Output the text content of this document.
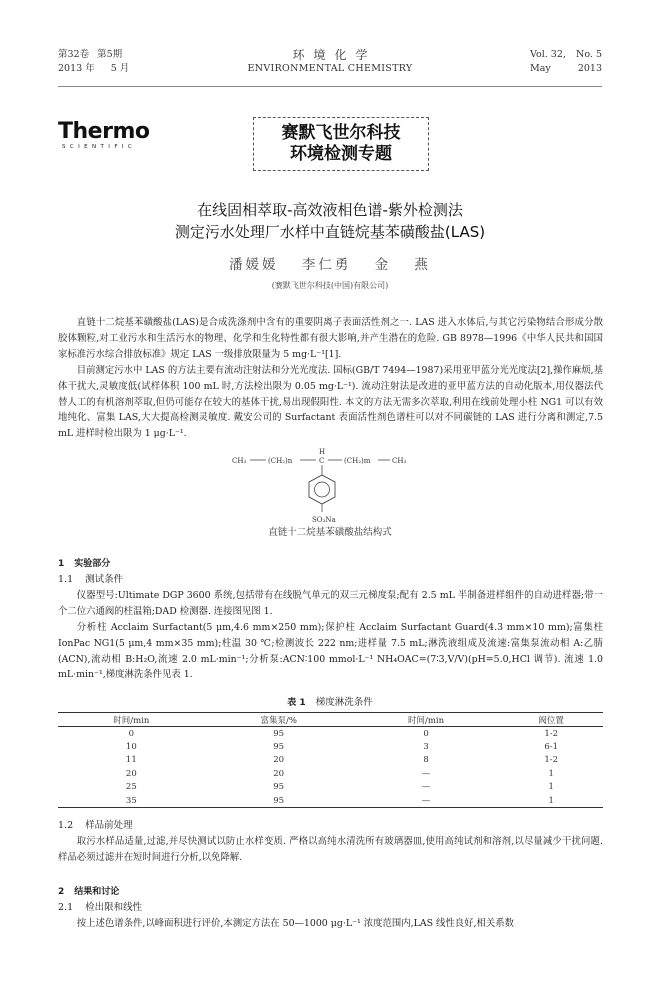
第32卷 第5期
2013 年 5 月
环境化学
ENVIRONMENTAL CHEMISTRY
Vol. 32, No. 5
May	2013
Thermo
SCIENTIFIC
赛默飞世尔科技
环境检测专题
在线固相萃取-高效液相色谱-紫外检测法
测定污水处理厂水样中直链烷基苯磺酸盐(LAS)
潘媛媛 李仁勇 金 燕
(赛默飞世尔科技(中国)有限公司)
直链十二烷基苯磺酸盐(LAS)是合成洗涤剂中含有的重要阴离子表面活性剂之一. LAS 进入水体后,与其它污染物结合形成分散胶体颗粒,对工业污水和生活污水的物理、化学和生化特性都有很大影响,并产生潜在的危险. GB 8978—1996《中华人民共和国国家标准污水综合排放标准》规定 LAS 一级排放限量为 5 mg·L⁻¹[1].
目前测定污水中 LAS 的方法主要有流动注射法和分光光度法. 国标(GB/T 7494—1987)采用亚甲蓝分光光度法[2],操作麻烦,基体干扰大,灵敏度低(试样体积 100 mL 时,方法检出限为 0.05 mg·L⁻¹). 流动注射法是改进的亚甲蓝方法的自动化版本,用仪器法代替人工的有机溶剂萃取,但仍可能存在较大的基体干扰,易出现假阳性. 本文的方法无需多次萃取,利用在线前处理小柱 NG1 可以有效地纯化、富集 LAS,大大提高检测灵敏度. 戴安公司的 Surfactant 表面活性剂色谱柱可以对不同碳链的 LAS 进行分离和测定,7.5 mL 进样时检出限为 1 μg·L⁻¹.
CH₃	(CH₂)n
H
C	(CH₂)m	CH₃
SO₃Na
直链十二烷基苯磺酸盐结构式
1 实验部分
1.1 测试条件
仪器型号:Ultimate DGP 3600 系统,包括带有在线脱气单元的双三元梯度泵;配有 2.5 mL 半制备进样组件的自动进样器;带一个二位六通阀的柱温箱;DAD 检测器. 连接图见图 1.
分析柱 Acclaim Surfactant(5 μm,4.6 mm×250 mm);保护柱 Acclaim Surfactant Guard(4.3 mm×10 mm);富集柱 IonPac NG1(5 μm,4 mm×35 mm);柱温 30 ℃;检测波长 222 nm;进样量 7.5 mL;淋洗液组成及流速:富集泵流动相 A:乙腈(ACN),流动相 B:H₂O,流速 2.0 mL·min⁻¹;分析泵:ACN∶100 mmol·L⁻¹ NH₄OAC=(7∶3,V/V)(pH=5.0,HCl 调节). 流速 1.0 mL·min⁻¹,梯度淋洗条件见表 1.
表 1 梯度淋洗条件
时间/min	富集泵/%	时间/min	阀位置
0	95	0	1-2
10	95	3	6-1
11	20	8	1-2
20	20	—	1
25	95	—	1
35	95	—	1
1.2 样品前处理
取污水样品适量,过滤,并尽快测试以防止水样变质. 严格以高纯水清洗所有玻璃器皿,使用高纯试剂和溶剂,以尽量减少干扰问题. 样品必须过滤并在短时间进行分析,以免降解.
2 结果和讨论
2.1 检出限和线性
按上述色谱条件,以峰面积进行评价,本测定方法在 50—1000 μg·L⁻¹ 浓度范围内,LAS 线性良好,相关系数
